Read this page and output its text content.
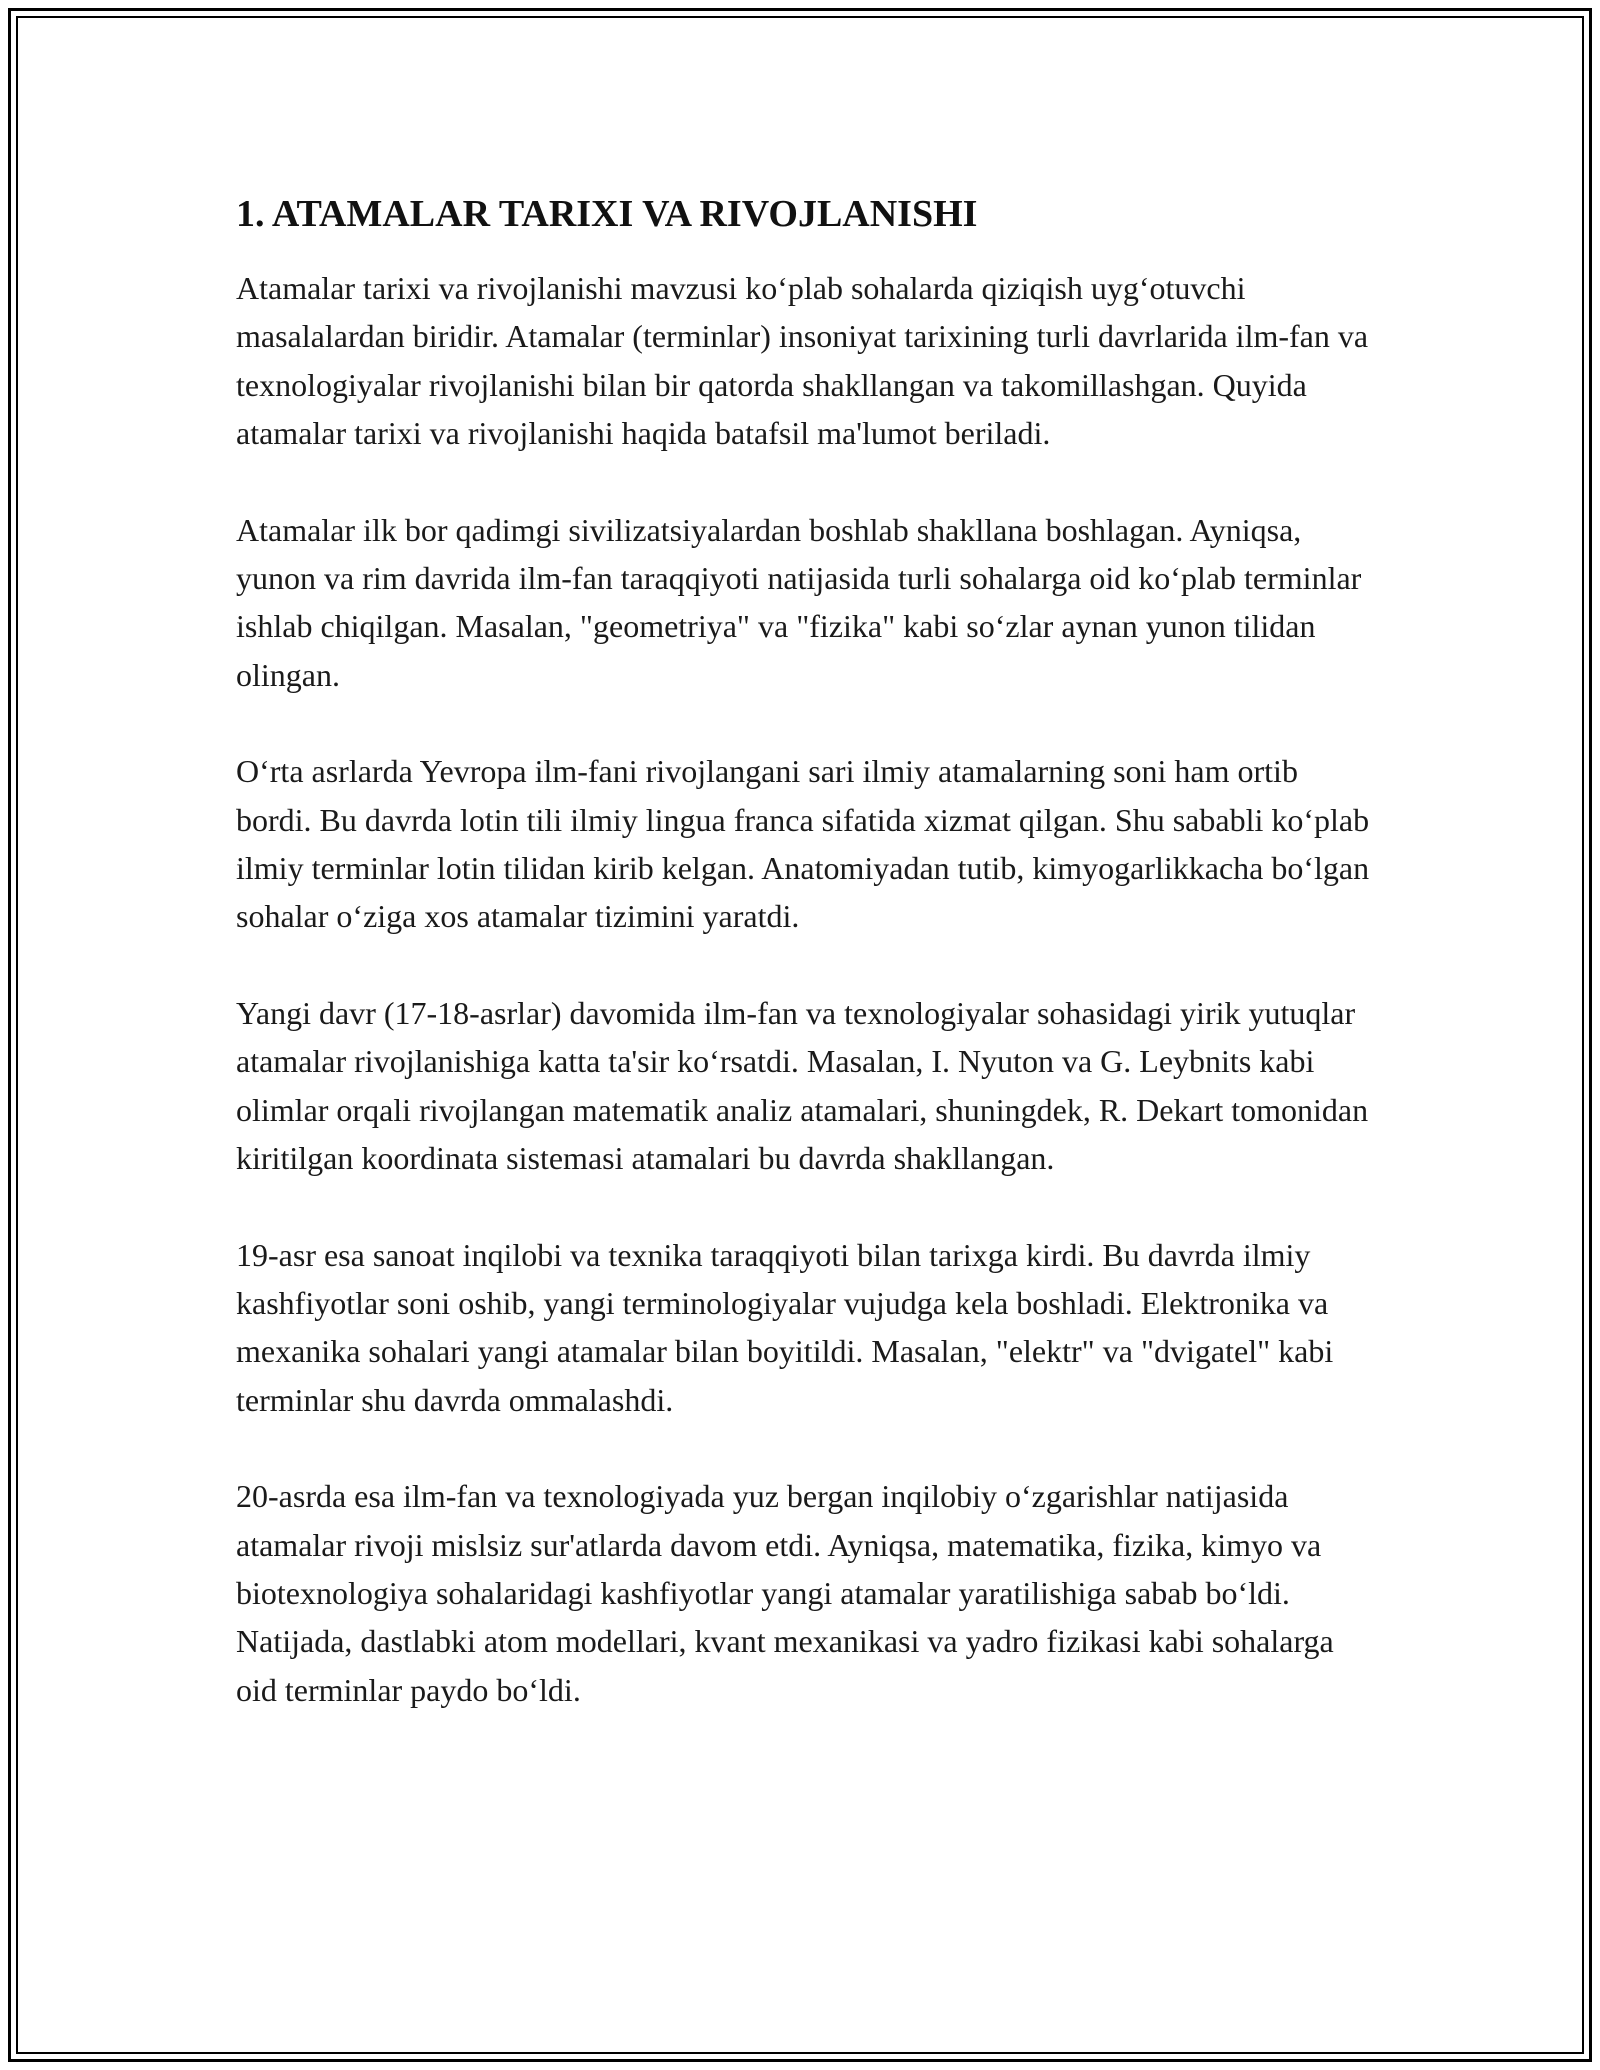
1. ATAMALAR TARIXI VA RIVOJLANISHI

Atamalar tarixi va rivojlanishi mavzusi ko‘plab sohalarda qiziqish uyg‘otuvchi masalalardan biridir. Atamalar (terminlar) insoniyat tarixining turli davrlarida ilm-fan va texnologiyalar rivojlanishi bilan bir qatorda shakllangan va takomillashgan. Quyida atamalar tarixi va rivojlanishi haqida batafsil ma'lumot beriladi.

Atamalar ilk bor qadimgi sivilizatsiyalardan boshlab shakllana boshlagan. Ayniqsa, yunon va rim davrida ilm-fan taraqqiyoti natijasida turli sohalarga oid ko‘plab terminlar ishlab chiqilgan. Masalan, "geometriya" va "fizika" kabi so‘zlar aynan yunon tilidan olingan.

O‘rta asrlarda Yevropa ilm-fani rivojlangani sari ilmiy atamalarning soni ham ortib bordi. Bu davrda lotin tili ilmiy lingua franca sifatida xizmat qilgan. Shu sababli ko‘plab ilmiy terminlar lotin tilidan kirib kelgan. Anatomiyadan tutib, kimyogarlikkacha bo‘lgan sohalar o‘ziga xos atamalar tizimini yaratdi.

Yangi davr (17-18-asrlar) davomida ilm-fan va texnologiyalar sohasidagi yirik yutuqlar atamalar rivojlanishiga katta ta'sir ko‘rsatdi. Masalan, I. Nyuton va G. Leybnits kabi olimlar orqali rivojlangan matematik analiz atamalari, shuningdek, R. Dekart tomonidan kiritilgan koordinata sistemasi atamalari bu davrda shakllangan.

19-asr esa sanoat inqilobi va texnika taraqqiyoti bilan tarixga kirdi. Bu davrda ilmiy kashfiyotlar soni oshib, yangi terminologiyalar vujudga kela boshladi. Elektronika va mexanika sohalari yangi atamalar bilan boyitildi. Masalan, "elektr" va "dvigatel" kabi terminlar shu davrda ommalashdi.

20-asrda esa ilm-fan va texnologiyada yuz bergan inqilobiy o‘zgarishlar natijasida atamalar rivoji mislsiz sur'atlarda davom etdi. Ayniqsa, matematika, fizika, kimyo va biotexnologiya sohalaridagi kashfiyotlar yangi atamalar yaratilishiga sabab bo‘ldi. Natijada, dastlabki atom modellari, kvant mexanikasi va yadro fizikasi kabi sohalarga oid terminlar paydo bo‘ldi.
